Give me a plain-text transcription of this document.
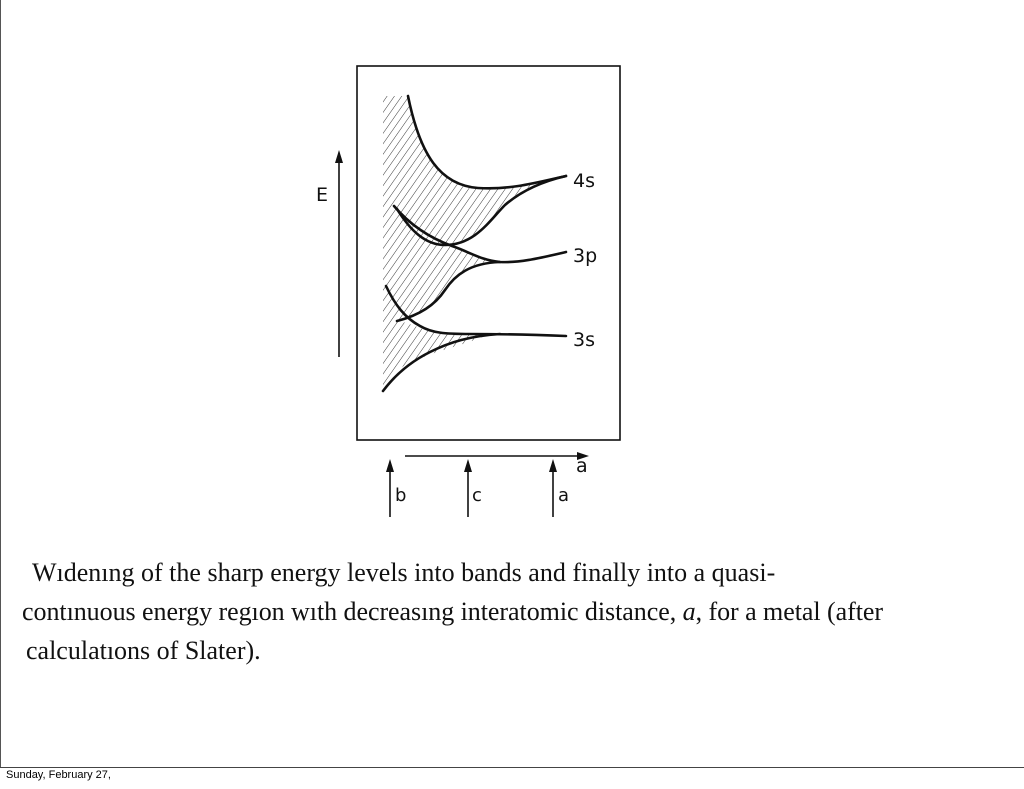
4s
3p
3s
E
a
b	c	a

Wıdenıng of the sharp energy levels into bands and finally into a quasi-
contınuous energy regıon wıth decreasıng interatomic distance, a, for a metal (after
calculatıons of Slater).

Sunday, February 27,
